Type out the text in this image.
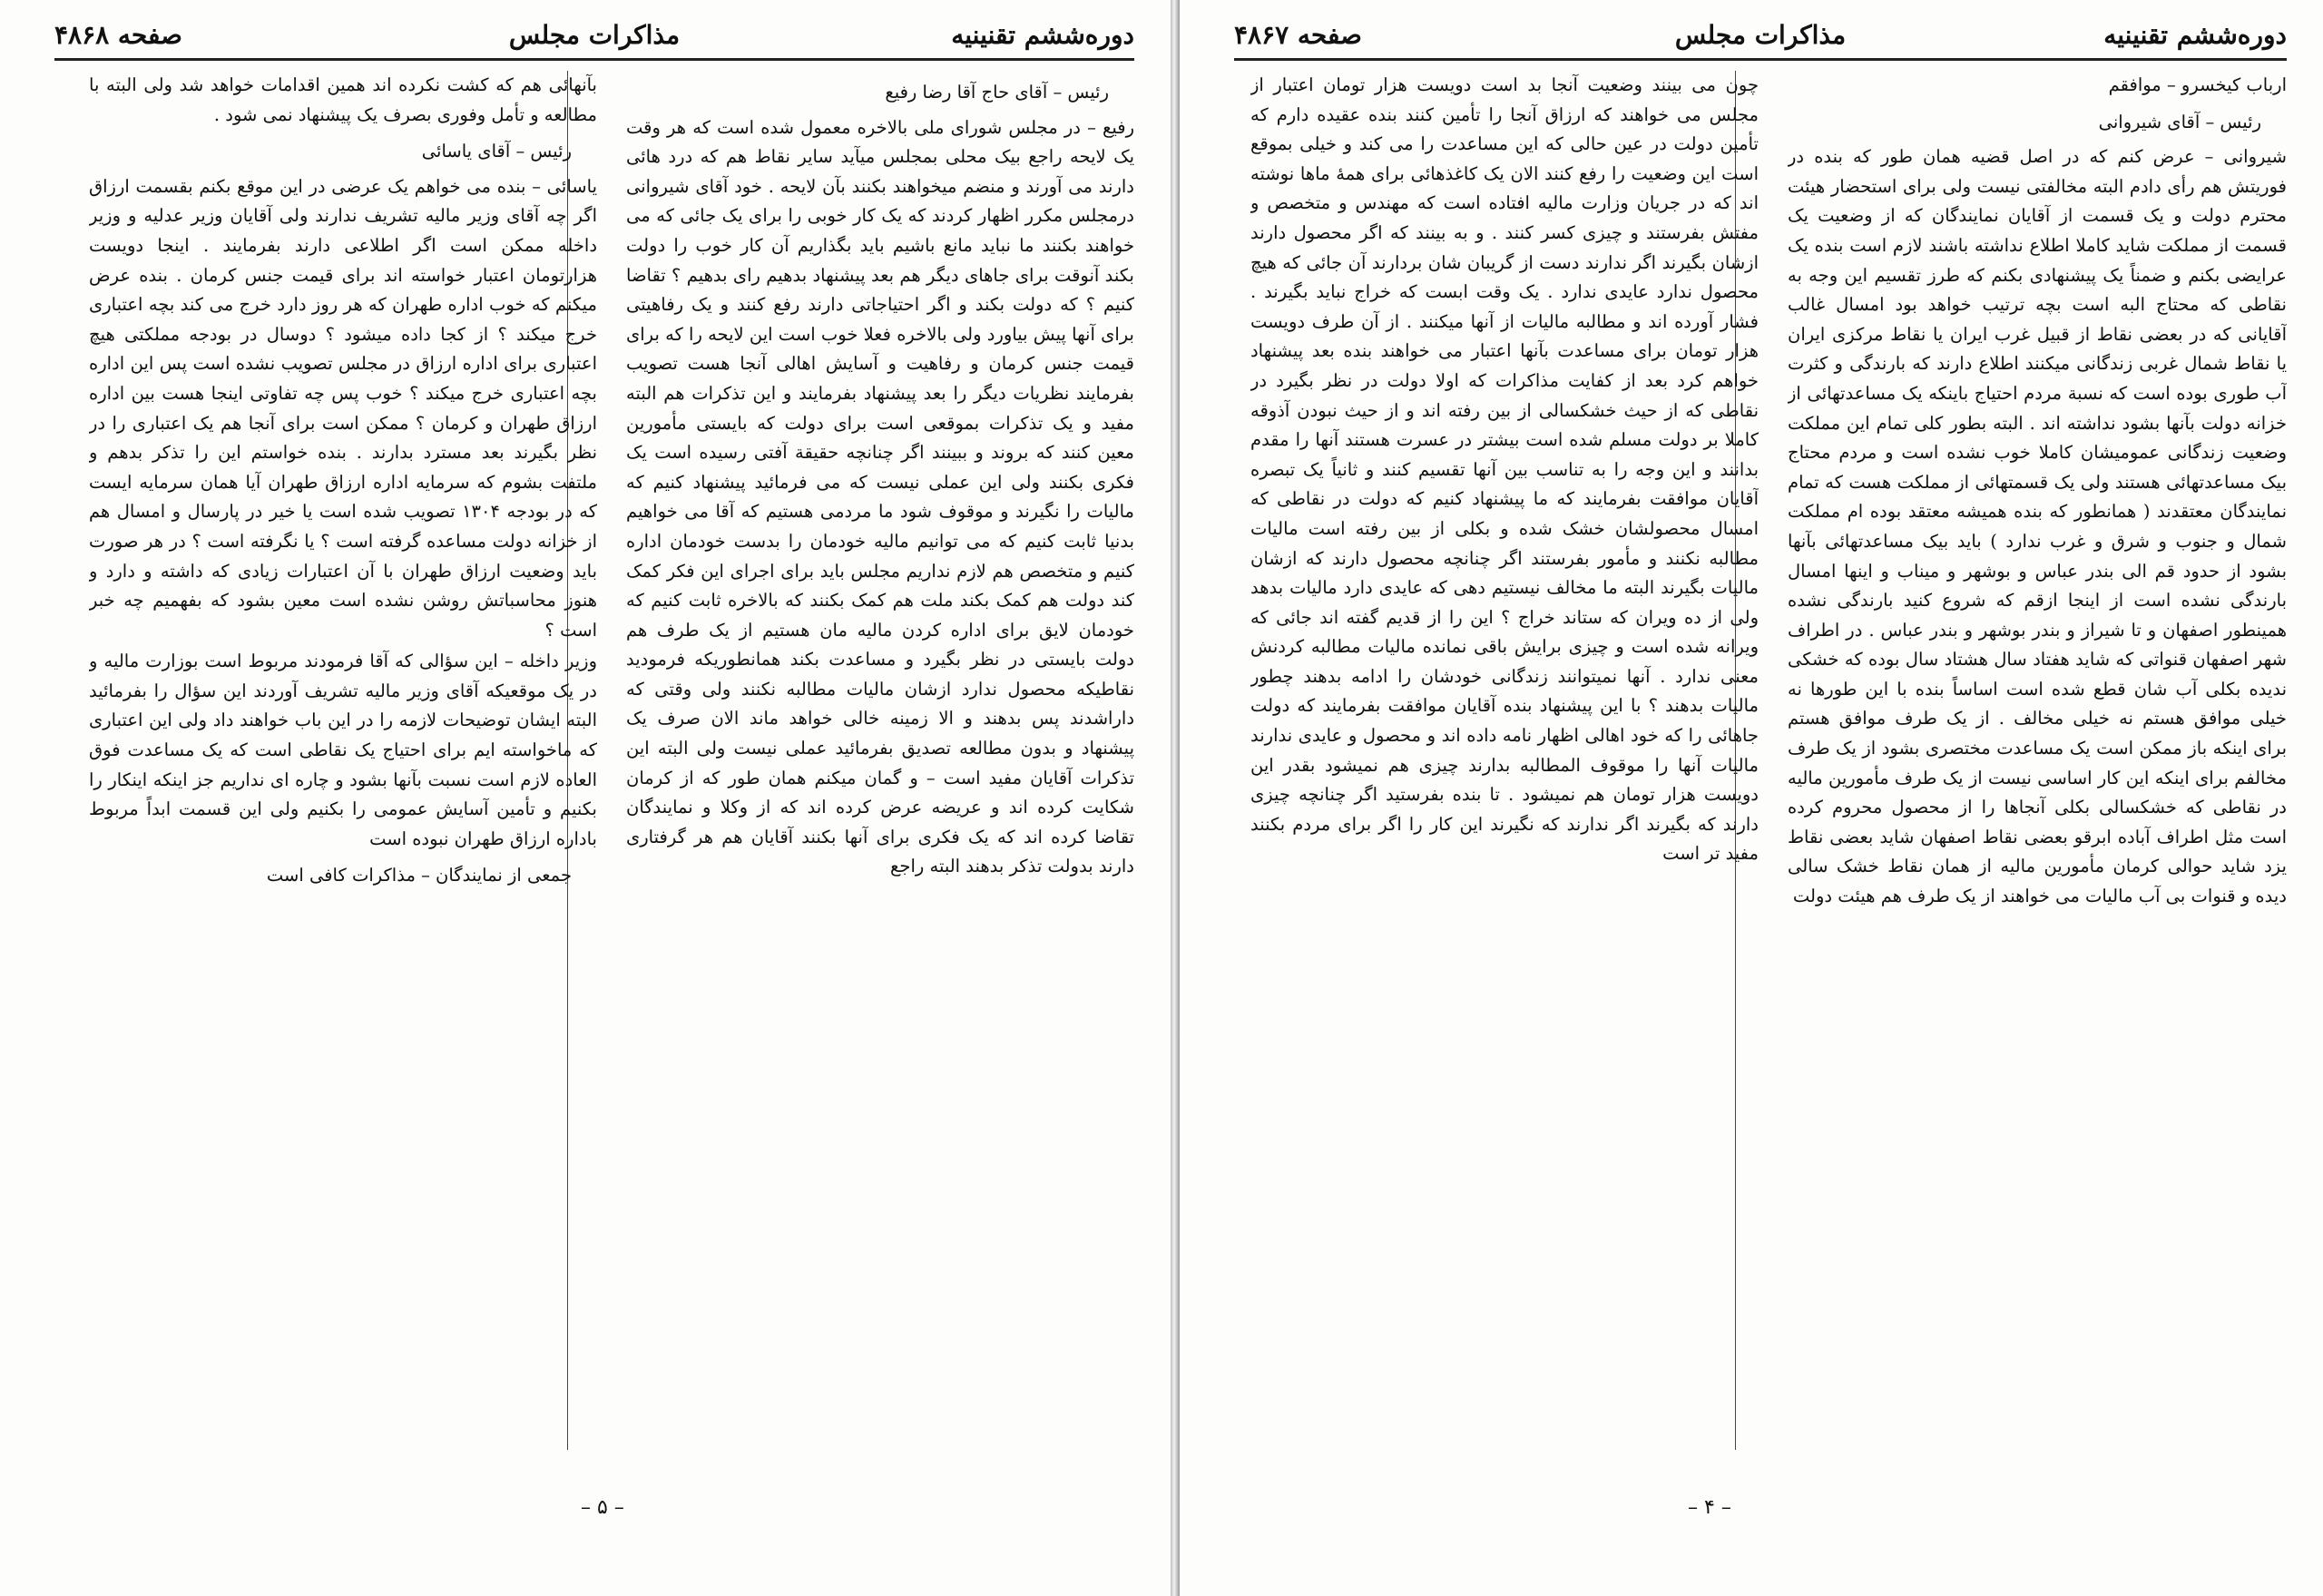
دوره‌ششم تقنینیه
مذاکرات مجلس
صفحه ۴۸۶۸

رئیس – آقای حاج آقا رضا رفیع

رفیع – در مجلس شورای ملی بالاخره معمول شده است که هر وقت یک لایحه راجع بیک محلی بمجلس میآید سایر نقاط هم که درد هائی دارند می آورند و منضم میخواهند بکنند بآن لایحه . خود آقای شیروانی درمجلس مکرر اظهار کردند که یک کار خوبی را برای یک جائی که می خواهند بکنند ما نباید مانع باشیم باید بگذاریم آن کار خوب را دولت بکند آنوقت برای جاهای دیگر هم بعد پیشنهاد بدهیم رای بدهیم ؟ تقاضا کنیم ؟ که دولت بکند و اگر احتیاجاتی دارند رفع کنند و یک رفاهیتی برای آنها پیش بیاورد ولی بالاخره فعلا خوب است این لایحه را که برای قیمت جنس کرمان و رفاهیت و آسایش اهالی آنجا هست تصویب بفرمایند نظریات دیگر را بعد پیشنهاد بفرمایند و این تذکرات هم البته مفید و یک تذکرات بموقعی است برای دولت که بایستی مأمورین معین کنند که بروند و ببینند اگر چنانچه حقیقة آفتی رسیده است یک فکری بکنند ولی این عملی نیست که می فرمائید پیشنهاد کنیم که مالیات را نگیرند و موقوف شود ما مردمی هستیم که آقا می خواهیم بدنیا ثابت کنیم که می توانیم مالیه خودمان را بدست خودمان اداره کنیم و متخصص هم لازم نداریم مجلس باید برای اجرای این فکر کمک کند دولت هم کمک بکند ملت هم کمک بکنند که بالاخره ثابت کنیم که خودمان لایق برای اداره کردن مالیه مان هستیم از یک طرف هم دولت بایستی در نظر بگیرد و مساعدت بکند همانطوریکه فرمودید نقاطیکه محصول ندارد ازشان مالیات مطالبه نکنند ولی وقتی که داراشدند پس بدهند و الا زمینه خالی خواهد ماند الان صرف یک پیشنهاد و بدون مطالعه تصدیق بفرمائید عملی نیست ولی البته این تذکرات آقایان مفید است – و گمان میکنم همان طور که از کرمان شکایت کرده اند و عریضه عرض کرده اند که از وکلا و نمایندگان تقاضا کرده اند که یک فکری برای آنها بکنند آقایان هم هر گرفتاری دارند بدولت تذکر بدهند البته راجع

بآنهائی هم که کشت نکرده اند همین اقدامات خواهد شد ولی البته با مطالعه و تأمل وفوری بصرف یک پیشنهاد نمی شود .

رئیس – آقای یاسائی

یاسائی – بنده می خواهم یک عرضی در این موقع بکنم بقسمت ارزاق اگر چه آقای وزیر مالیه تشریف ندارند ولی آقایان وزیر عدلیه و وزیر داخله ممکن است اگر اطلاعی دارند بفرمایند . اینجا دویست هزارتومان اعتبار خواسته اند برای قیمت جنس کرمان . بنده عرض میکنم که خوب اداره طهران که هر روز دارد خرج می کند بچه اعتباری خرج میکند ؟ از کجا داده میشود ؟ دوسال در بودجه مملکتی هیچ اعتباری برای اداره ارزاق در مجلس تصویب نشده است پس این اداره بچه اعتباری خرج میکند ؟ خوب پس چه تفاوتی اینجا هست بین اداره ارزاق طهران و کرمان ؟ ممکن است برای آنجا هم یک اعتباری را در نظر بگیرند بعد مسترد بدارند . بنده خواستم این را تذکر بدهم و ملتفت بشوم که سرمایه اداره ارزاق طهران آیا همان سرمایه ایست که در بودجه ۱۳۰۴ تصویب شده است یا خیر در پارسال و امسال هم از خزانه دولت مساعده گرفته است ؟ یا نگرفته است ؟ در هر صورت باید وضعیت ارزاق طهران با آن اعتبارات زیادی که داشته و دارد و هنوز محاسباتش روشن نشده است معین بشود که بفهمیم چه خبر است ؟

وزیر داخله – این سؤالی که آقا فرمودند مربوط است بوزارت مالیه و در یک موقعیکه آقای وزیر مالیه تشریف آوردند این سؤال را بفرمائید البته ایشان توضیحات لازمه را در این باب خواهند داد ولی این اعتباری که ماخواسته ایم برای احتیاج یک نقاطی است که یک مساعدت فوق العاده لازم است نسبت بآنها بشود و چاره ای نداریم جز اینکه اینکار را بکنیم و تأمین آسایش عمومی را بکنیم ولی این قسمت ابداً مربوط باداره ارزاق طهران نبوده است

جمعی از نمایندگان – مذاکرات کافی است

– ۵ –
دوره‌ششم تقنینیه
مذاکرات مجلس
صفحه ۴۸۶۷

ارباب کیخسرو – موافقم

رئیس – آقای شیروانی

شیروانی – عرض کنم که در اصل قضیه همان طور که بنده در فوریتش هم رأی دادم البته مخالفتی نیست ولی برای استحضار هیئت محترم دولت و یک قسمت از آقایان نمایندگان که از وضعیت یک قسمت از مملکت شاید کاملا اطلاع نداشته باشند لازم است بنده یک عرایضی بکنم و ضمناً یک پیشنهادی بکنم که طرز تقسیم این وجه به نقاطی که محتاج البه است بچه ترتیب خواهد بود امسال غالب آقایانی که در بعضی نقاط از قبیل غرب ایران یا نقاط مرکزی ایران یا نقاط شمال غربی زندگانی میکنند اطلاع دارند که بارندگی و کثرت آب طوری بوده است که نسبة مردم احتیاج باینکه یک مساعدتهائی از خزانه دولت بآنها بشود نداشته اند . البته بطور کلی تمام این مملکت وضعیت زندگانی عمومیشان کاملا خوب نشده است و مردم محتاج بیک مساعدتهائی هستند ولی یک قسمتهائی از مملکت هست که تمام نمایندگان معتقدند ( همانطور که بنده همیشه معتقد بوده ام مملکت شمال و جنوب و شرق و غرب ندارد ) باید بیک مساعدتهائی بآنها بشود از حدود قم الی بندر عباس و بوشهر و میناب و اینها امسال بارندگی نشده است از اینجا ازقم که شروع کنید بارندگی نشده همینطور اصفهان و تا شیراز و بندر بوشهر و بندر عباس . در اطراف شهر اصفهان قنواتی که شاید هفتاد سال هشتاد سال بوده که خشکی ندیده بکلی آب شان قطع شده است اساساً بنده با این طورها نه خیلی موافق هستم نه خیلی مخالف . از یک طرف موافق هستم برای اینکه باز ممکن است یک مساعدت مختصری بشود از یک طرف مخالفم برای اینکه این کار اساسی نیست از یک طرف مأمورین مالیه در نقاطی که خشکسالی بکلی آنجاها را از محصول محروم کرده است مثل اطراف آباده ابرقو بعضی نقاط اصفهان شاید بعضی نقاط یزد شاید حوالی کرمان مأمورین مالیه از همان نقاط خشک سالی دیده و قنوات بی آب مالیات می خواهند از یک طرف هم هیئت دولت

چون می بینند وضعیت آنجا بد است دویست هزار تومان اعتبار از مجلس می خواهند که ارزاق آنجا را تأمین کنند بنده عقیده دارم که تأمین دولت در عین حالی که این مساعدت را می کند و خیلی بموقع است این وضعیت را رفع کنند الان یک کاغذهائی برای همهٔ ماها نوشته اند که در جریان وزارت مالیه افتاده است که مهندس و متخصص و مفتش بفرستند و چیزی کسر کنند . و به بینند که اگر محصول دارند ازشان بگیرند اگر ندارند دست از گریبان شان بردارند آن جائی که هیچ محصول ندارد عایدی ندارد . یک وقت ابست که خراج نباید بگیرند . فشار آورده اند و مطالبه مالیات از آنها میکنند . از آن طرف دویست هزار تومان برای مساعدت بآنها اعتبار می خواهند بنده بعد پیشنهاد خواهم کرد بعد از کفایت مذاکرات که اولا دولت در نظر بگیرد در نقاطی که از حیث خشکسالی از بین رفته اند و از حیث نبودن آذوقه کاملا بر دولت مسلم شده است بیشتر در عسرت هستند آنها را مقدم بدانند و این وجه را به تناسب بین آنها تقسیم کنند و ثانیاً یک تبصره آقایان موافقت بفرمایند که ما پیشنهاد کنیم که دولت در نقاطی که امسال محصولشان خشک شده و بکلی از بین رفته است مالیات مطالبه نکنند و مأمور بفرستند اگر چنانچه محصول دارند که ازشان مالیات بگیرند البته ما مخالف نیستیم دهی که عایدی دارد مالیات بدهد ولی از ده ویران که ستاند خراج ؟ این را از قدیم گفته اند جائی که ویرانه شده است و چیزی برایش باقی نمانده مالیات مطالبه کردنش معنی ندارد . آنها نمیتوانند زندگانی خودشان را ادامه بدهند چطور مالیات بدهند ؟ با این پیشنهاد بنده آقایان موافقت بفرمایند که دولت جاهائی را که خود اهالی اظهار نامه داده اند و محصول و عایدی ندارند مالیات آنها را موقوف المطالبه بدارند چیزی هم نمیشود بقدر این دویست هزار تومان هم نمیشود . تا بنده بفرستید اگر چنانچه چیزی دارند که بگیرند اگر ندارند که نگیرند این کار را اگر برای مردم بکنند مفید تر است

– ۴ –
